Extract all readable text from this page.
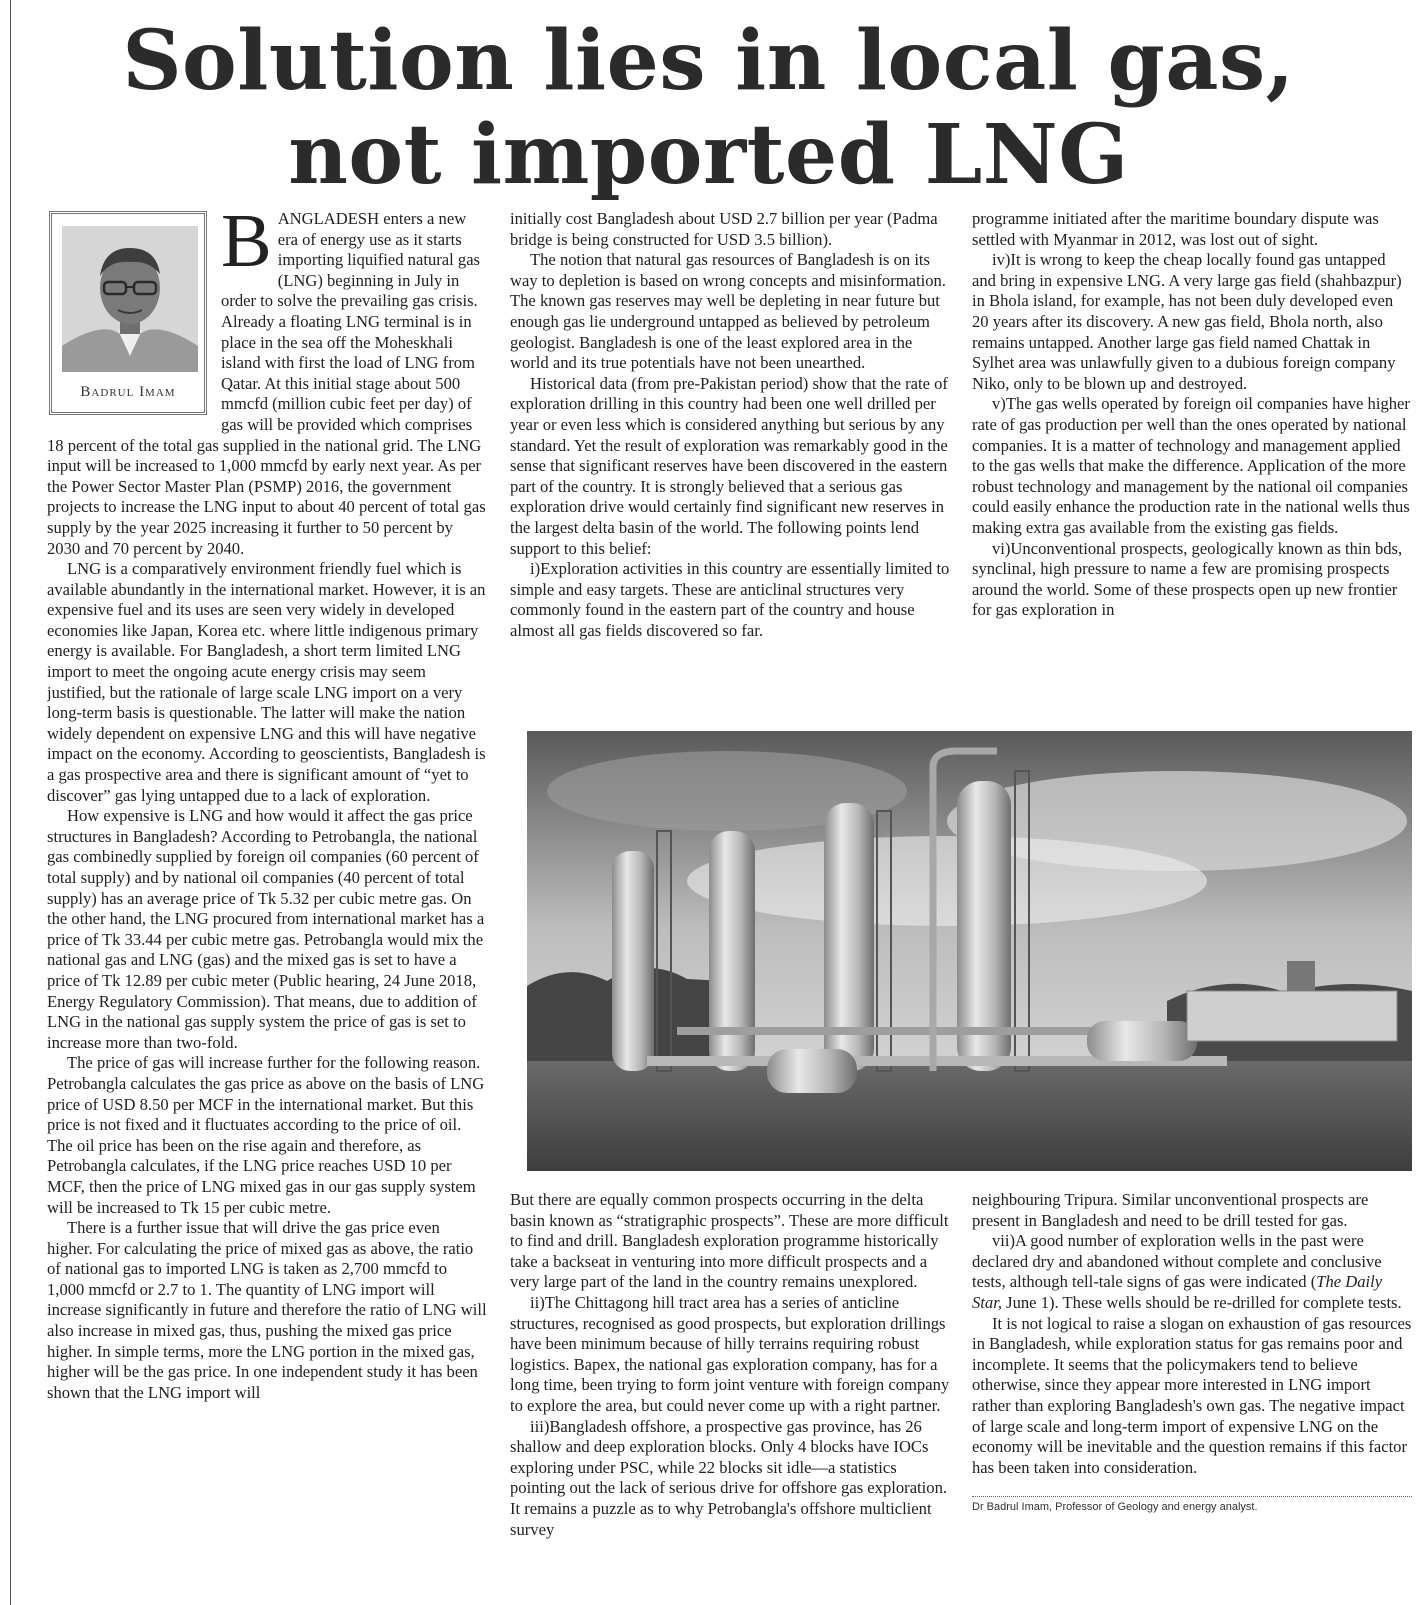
Solution lies in local gas,
not imported LNG
Badrul Imam

BANGLADESH enters a new era of energy use as it starts importing liquified natural gas (LNG) beginning in July in order to solve the prevailing gas crisis. Already a floating LNG terminal is in place in the sea off the Moheskhali island with first the load of LNG from Qatar. At this initial stage about 500 mmcfd (million cubic feet per day) of gas will be provided which comprises 18 percent of the total gas supplied in the national grid. The LNG input will be increased to 1,000 mmcfd by early next year. As per the Power Sector Master Plan (PSMP) 2016, the government projects to increase the LNG input to about 40 percent of total gas supply by the year 2025 increasing it further to 50 percent by 2030 and 70 percent by 2040.

LNG is a comparatively environment friendly fuel which is available abundantly in the international market. However, it is an expensive fuel and its uses are seen very widely in developed economies like Japan, Korea etc. where little indigenous primary energy is available. For Bangladesh, a short term limited LNG import to meet the ongoing acute energy crisis may seem justified, but the rationale of large scale LNG import on a very long-term basis is questionable. The latter will make the nation widely dependent on expensive LNG and this will have negative impact on the economy. According to geoscientists, Bangladesh is a gas prospective area and there is significant amount of “yet to discover” gas lying untapped due to a lack of exploration.

How expensive is LNG and how would it affect the gas price structures in Bangladesh? According to Petrobangla, the national gas combinedly supplied by foreign oil companies (60 percent of total supply) and by national oil companies (40 percent of total supply) has an average price of Tk 5.32 per cubic metre gas. On the other hand, the LNG procured from international market has a price of Tk 33.44 per cubic metre gas. Petrobangla would mix the national gas and LNG (gas) and the mixed gas is set to have a price of Tk 12.89 per cubic meter (Public hearing, 24 June 2018, Energy Regulatory Commission). That means, due to addition of LNG in the national gas supply system the price of gas is set to increase more than two-fold.

The price of gas will increase further for the following reason. Petrobangla calculates the gas price as above on the basis of LNG price of USD 8.50 per MCF in the international market. But this price is not fixed and it fluctuates according to the price of oil. The oil price has been on the rise again and therefore, as Petrobangla calculates, if the LNG price reaches USD 10 per MCF, then the price of LNG mixed gas in our gas supply system will be increased to Tk 15 per cubic metre.

There is a further issue that will drive the gas price even higher. For calculating the price of mixed gas as above, the ratio of national gas to imported LNG is taken as 2,700 mmcfd to 1,000 mmcfd or 2.7 to 1. The quantity of LNG import will increase significantly in future and therefore the ratio of LNG will also increase in mixed gas, thus, pushing the mixed gas price higher. In simple terms, more the LNG portion in the mixed gas, higher will be the gas price. In one independent study it has been shown that the LNG import will

initially cost Bangladesh about USD 2.7 billion per year (Padma bridge is being constructed for USD 3.5 billion).

The notion that natural gas resources of Bangladesh is on its way to depletion is based on wrong concepts and misinformation. The known gas reserves may well be depleting in near future but enough gas lie underground untapped as believed by petroleum geologist. Bangladesh is one of the least explored area in the world and its true potentials have not been unearthed.

Historical data (from pre-Pakistan period) show that the rate of exploration drilling in this country had been one well drilled per year or even less which is considered anything but serious by any standard. Yet the result of exploration was remarkably good in the sense that significant reserves have been discovered in the eastern part of the country. It is strongly believed that a serious gas exploration drive would certainly find significant new reserves in the largest delta basin of the world. The following points lend support to this belief:

i)Exploration activities in this country are essentially limited to simple and easy targets. These are anticlinal structures very commonly found in the eastern part of the country and house almost all gas fields discovered so far.

programme initiated after the maritime boundary dispute was settled with Myanmar in 2012, was lost out of sight.

iv)It is wrong to keep the cheap locally found gas untapped and bring in expensive LNG. A very large gas field (shahbazpur) in Bhola island, for example, has not been duly developed even 20 years after its discovery. A new gas field, Bhola north, also remains untapped. Another large gas field named Chattak in Sylhet area was unlawfully given to a dubious foreign company Niko, only to be blown up and destroyed.

v)The gas wells operated by foreign oil companies have higher rate of gas production per well than the ones operated by national companies. It is a matter of technology and management applied to the gas wells that make the difference. Application of the more robust technology and management by the national oil companies could easily enhance the production rate in the national wells thus making extra gas available from the existing gas fields.

vi)Unconventional prospects, geologically known as thin bds, synclinal, high pressure to name a few are promising prospects around the world. Some of these prospects open up new frontier for gas exploration in

But there are equally common prospects occurring in the delta basin known as “stratigraphic prospects”. These are more difficult to find and drill. Bangladesh exploration programme historically take a backseat in venturing into more difficult prospects and a very large part of the land in the country remains unexplored.

ii)The Chittagong hill tract area has a series of anticline structures, recognised as good prospects, but exploration drillings have been minimum because of hilly terrains requiring robust logistics. Bapex, the national gas exploration company, has for a long time, been trying to form joint venture with foreign company to explore the area, but could never come up with a right partner.

iii)Bangladesh offshore, a prospective gas province, has 26 shallow and deep exploration blocks. Only 4 blocks have IOCs exploring under PSC, while 22 blocks sit idle—a statistics pointing out the lack of serious drive for offshore gas exploration. It remains a puzzle as to why Petrobangla's offshore multiclient survey

neighbouring Tripura. Similar unconventional prospects are present in Bangladesh and need to be drill tested for gas.

vii)A good number of exploration wells in the past were declared dry and abandoned without complete and conclusive tests, although tell-tale signs of gas were indicated (The Daily Star, June 1). These wells should be re-drilled for complete tests.

It is not logical to raise a slogan on exhaustion of gas resources in Bangladesh, while exploration status for gas remains poor and incomplete. It seems that the policymakers tend to believe otherwise, since they appear more interested in LNG import rather than exploring Bangladesh's own gas. The negative impact of large scale and long-term import of expensive LNG on the economy will be inevitable and the question remains if this factor has been taken into consideration.

Dr Badrul Imam, Professor of Geology and energy analyst.
